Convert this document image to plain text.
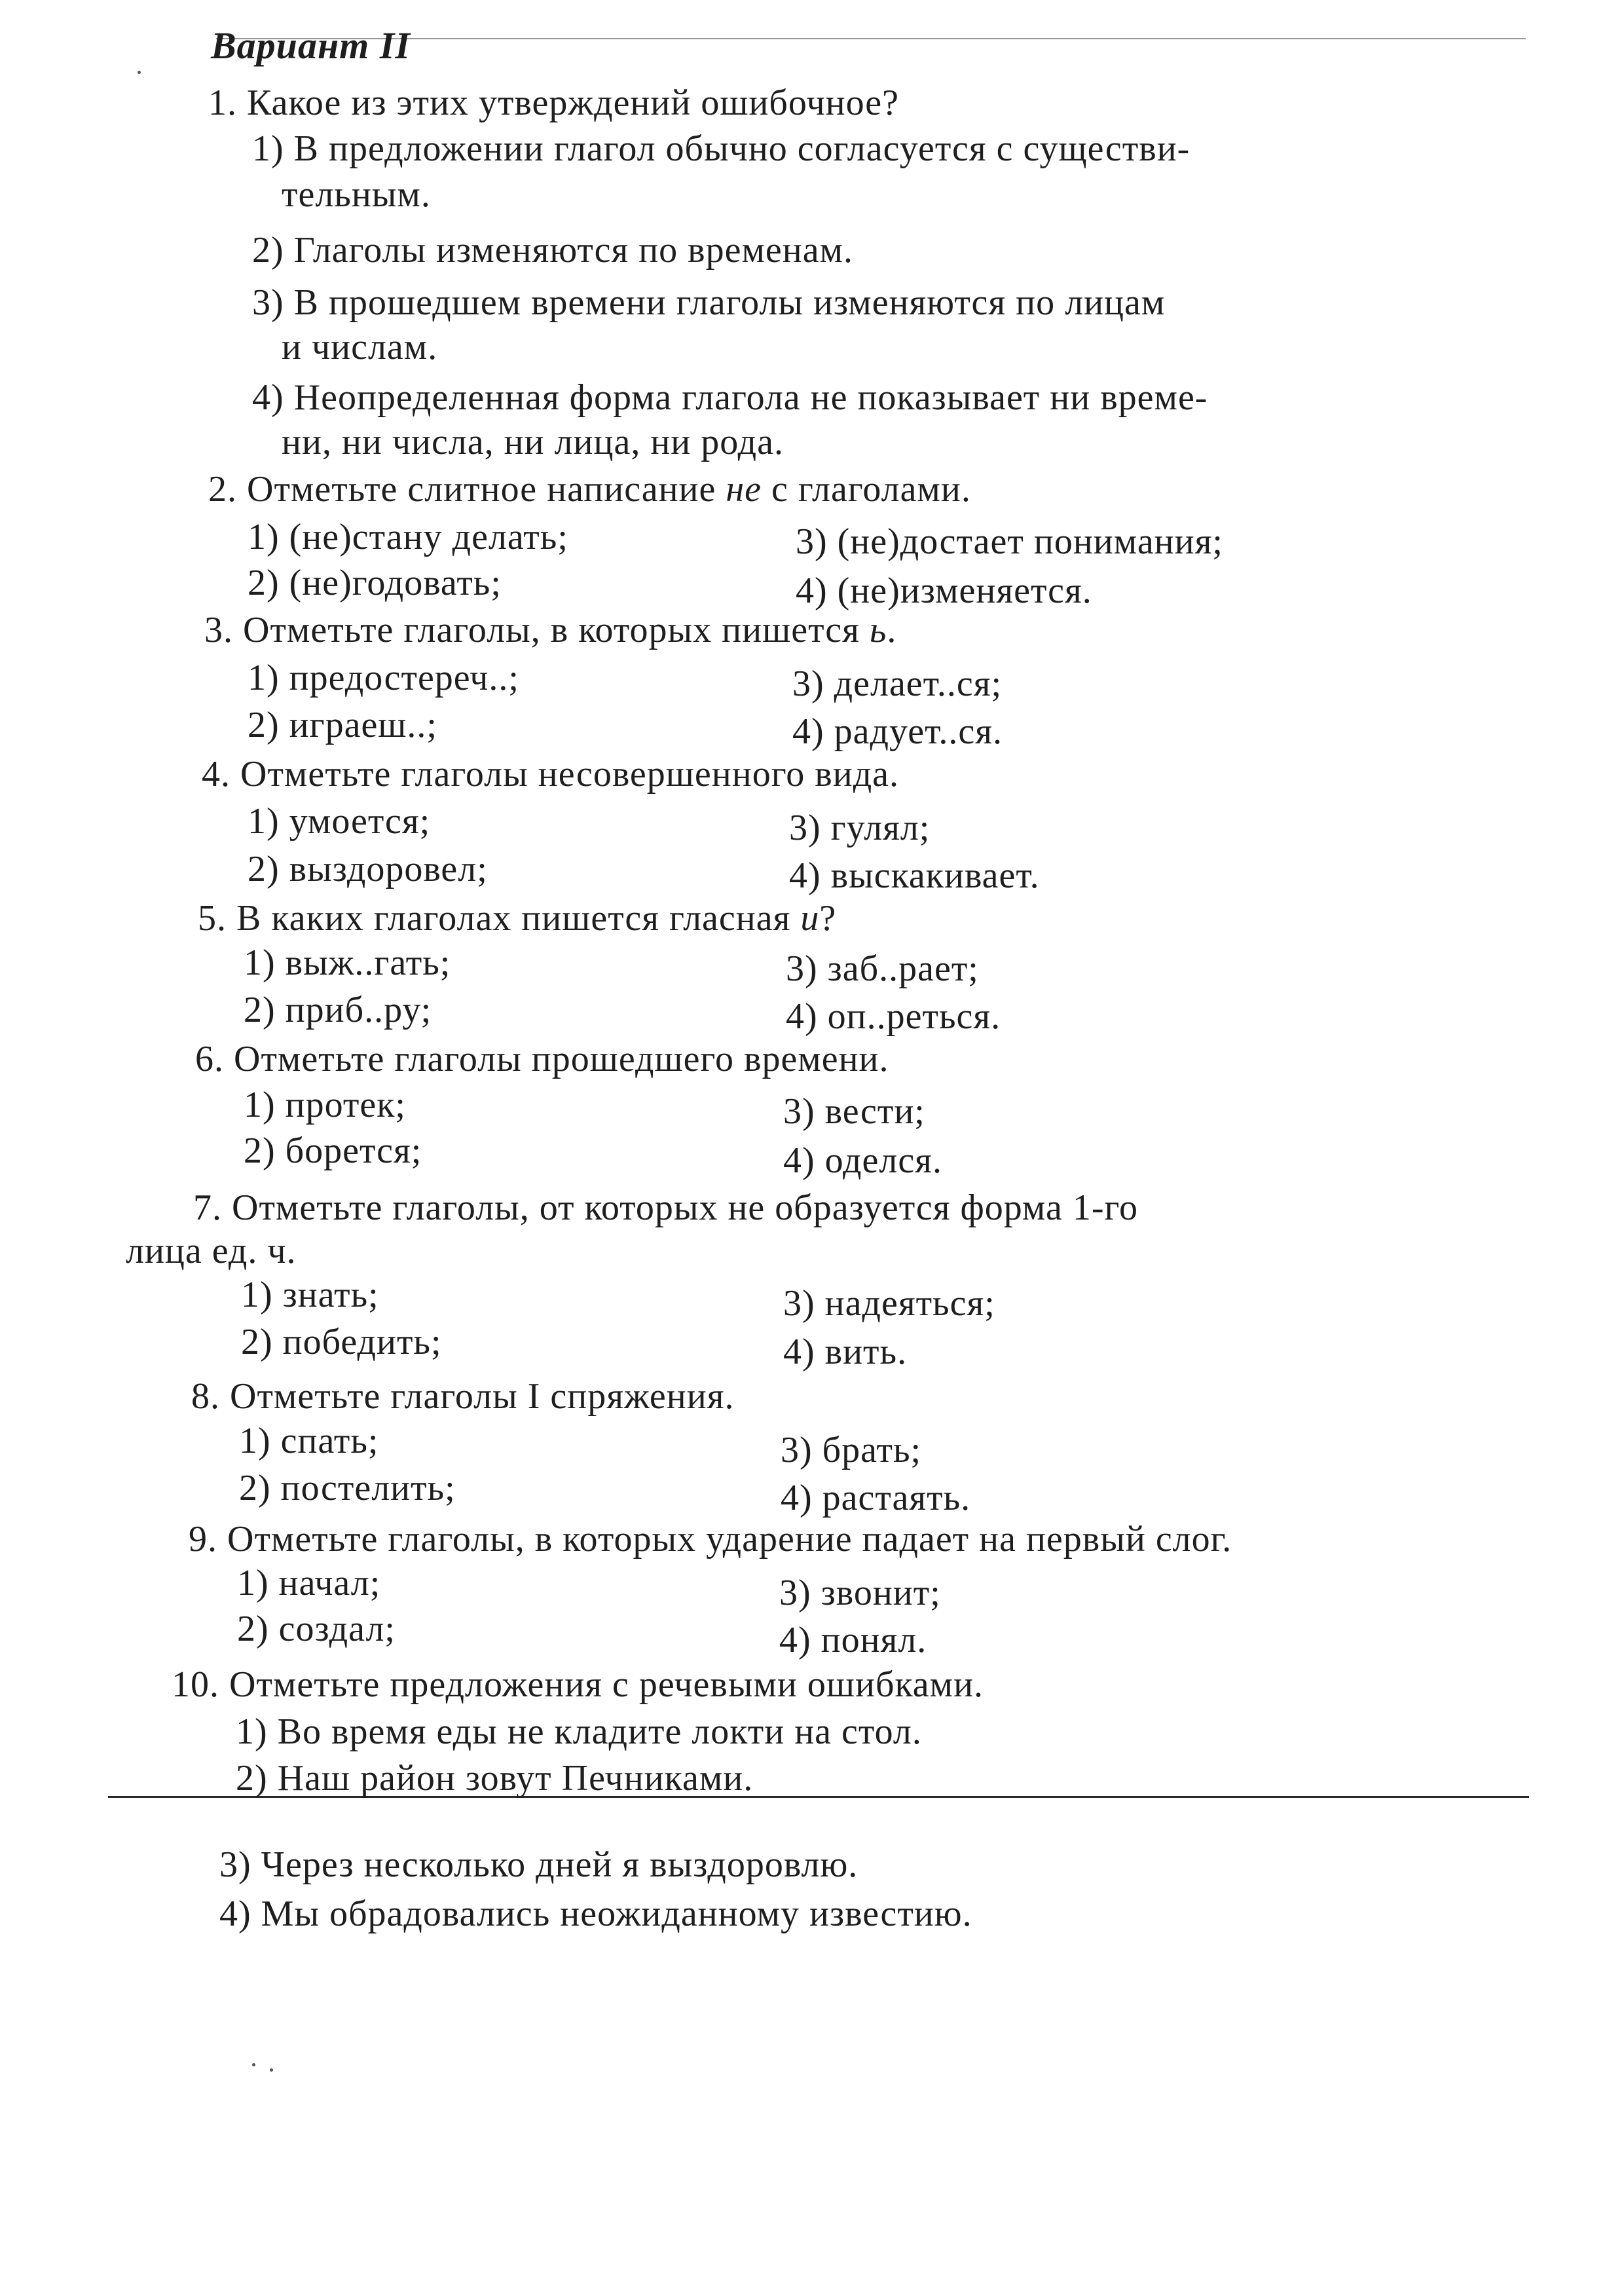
Вариант II
1. Какое из этих утверждений ошибочное?
1) В предложении глагол обычно согласуется с существи-
тельным.
2) Глаголы изменяются по временам.
3) В прошедшем времени глаголы изменяются по лицам
и числам.
4) Неопределенная форма глагола не показывает ни време-
ни, ни числа, ни лица, ни рода.
2. Отметьте слитное написание не с глаголами.
1) (не)стану делать;	3) (не)достает понимания;
2) (не)годовать;	4) (не)изменяется.
3. Отметьте глаголы, в которых пишется ь.
1) предостереч..;	3) делает..ся;
2) играеш..;	4) радует..ся.
4. Отметьте глаголы несовершенного вида.
1) умоется;	3) гулял;
2) выздоровел;	4) выскакивает.
5. В каких глаголах пишется гласная и?
1) выж..гать;	3) заб..рает;
2) приб..ру;	4) оп..реться.
6. Отметьте глаголы прошедшего времени.
1) протек;	3) вести;
2) борется;	4) оделся.
7. Отметьте глаголы, от которых не образуется форма 1-го
лица ед. ч.
1) знать;	3) надеяться;
2) победить;	4) вить.
8. Отметьте глаголы I спряжения.
1) спать;	3) брать;
2) постелить;	4) растаять.
9. Отметьте глаголы, в которых ударение падает на первый слог.
1) начал;	3) звонит;
2) создал;	4) понял.
10. Отметьте предложения с речевыми ошибками.
1) Во время еды не кладите локти на стол.
2) Наш район зовут Печниками.
3) Через несколько дней я выздоровлю.
4) Мы обрадовались неожиданному известию.
